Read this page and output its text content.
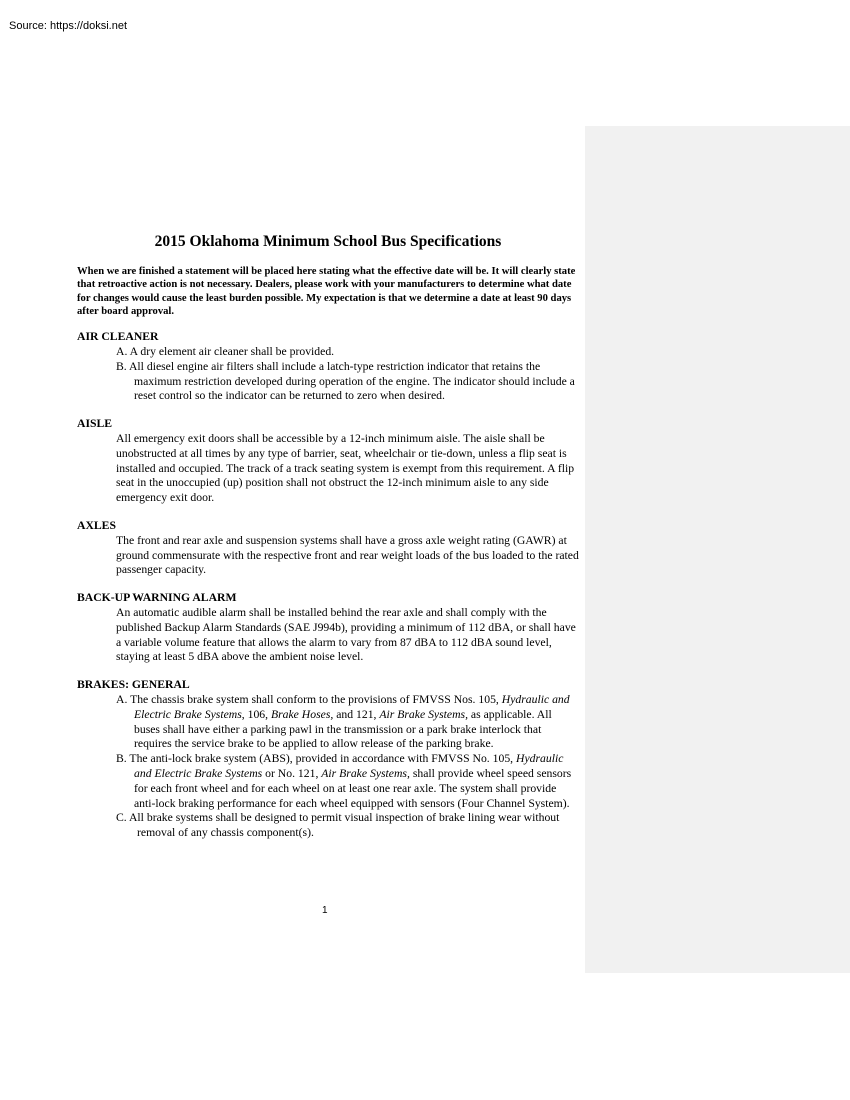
Source: https://doksi.net
2015 Oklahoma Minimum School Bus Specifications
When we are finished a statement will be placed here stating what the effective date will be. It will clearly state that retroactive action is not necessary. Dealers, please work with your manufacturers to determine what date for changes would cause the least burden possible. My expectation is that we determine a date at least 90 days after board approval.
AIR CLEANER
A. A dry element air cleaner shall be provided.
B. All diesel engine air filters shall include a latch-type restriction indicator that retains the maximum restriction developed during operation of the engine. The indicator should include a reset control so the indicator can be returned to zero when desired.
AISLE
All emergency exit doors shall be accessible by a 12-inch minimum aisle. The aisle shall be unobstructed at all times by any type of barrier, seat, wheelchair or tie-down, unless a flip seat is installed and occupied. The track of a track seating system is exempt from this requirement. A flip seat in the unoccupied (up) position shall not obstruct the 12-inch minimum aisle to any side emergency exit door.
AXLES
The front and rear axle and suspension systems shall have a gross axle weight rating (GAWR) at ground commensurate with the respective front and rear weight loads of the bus loaded to the rated passenger capacity.
BACK-UP WARNING ALARM
An automatic audible alarm shall be installed behind the rear axle and shall comply with the published Backup Alarm Standards (SAE J994b), providing a minimum of 112 dBA, or shall have a variable volume feature that allows the alarm to vary from 87 dBA to 112 dBA sound level, staying at least 5 dBA above the ambient noise level.
BRAKES: GENERAL
A. The chassis brake system shall conform to the provisions of FMVSS Nos. 105, Hydraulic and Electric Brake Systems, 106, Brake Hoses, and 121, Air Brake Systems, as applicable. All buses shall have either a parking pawl in the transmission or a park brake interlock that requires the service brake to be applied to allow release of the parking brake.
B. The anti-lock brake system (ABS), provided in accordance with FMVSS No. 105, Hydraulic and Electric Brake Systems or No. 121, Air Brake Systems, shall provide wheel speed sensors for each front wheel and for each wheel on at least one rear axle. The system shall provide anti-lock braking performance for each wheel equipped with sensors (Four Channel System).
C. All brake systems shall be designed to permit visual inspection of brake lining wear without removal of any chassis component(s).
1
